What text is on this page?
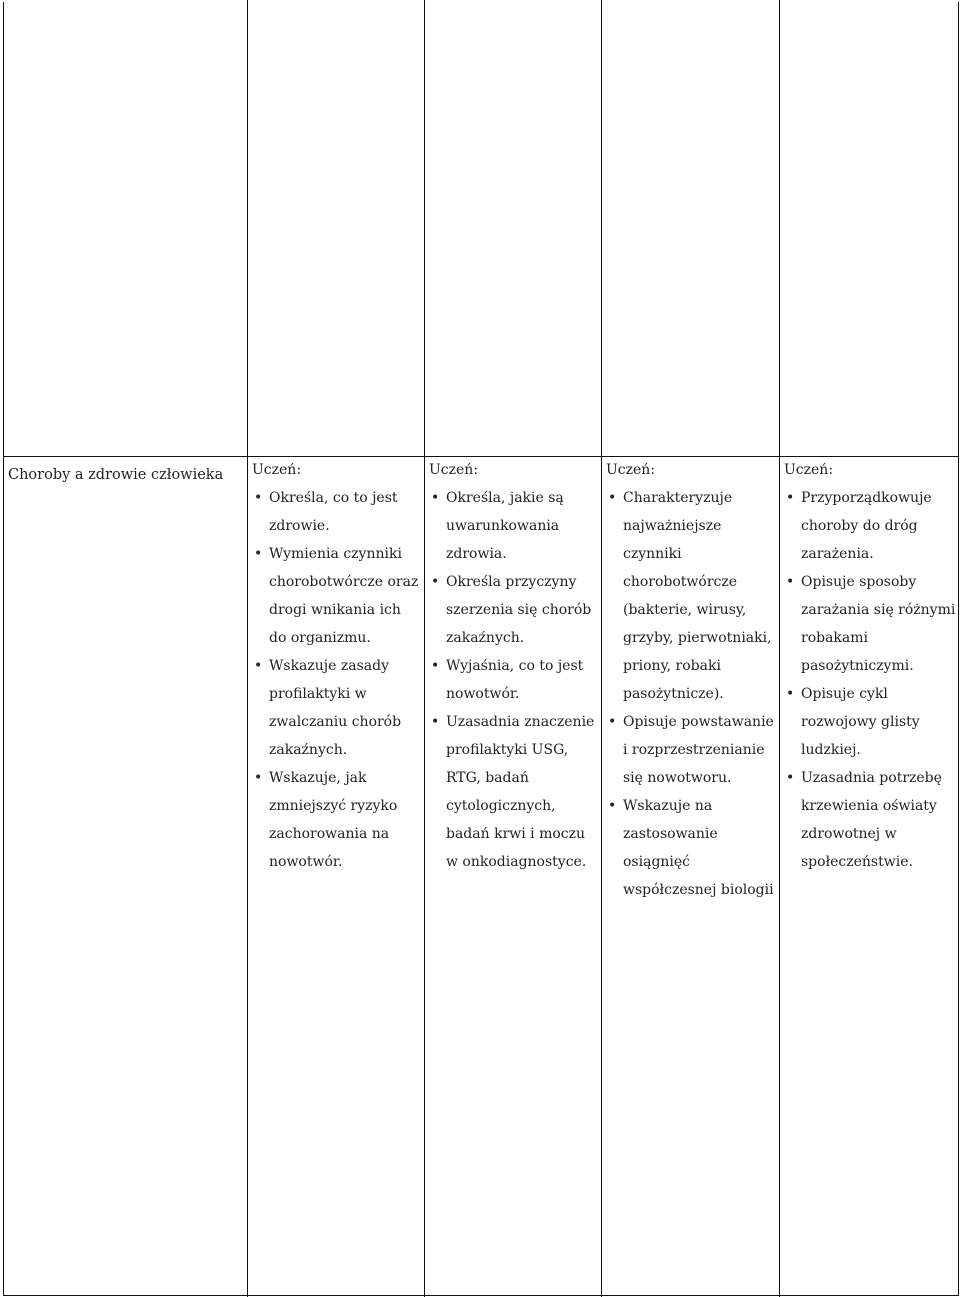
Choroby a zdrowie człowieka	Uczeń:
• Określa, co to jest zdrowie.
• Wymienia czynniki chorobotwórcze oraz drogi wnikania ich do organizmu.
• Wskazuje zasady profilaktyki w zwalczaniu chorób zakaźnych.
• Wskazuje, jak zmniejszyć ryzyko zachorowania na nowotwór.
Uczeń:
• Określa, jakie są uwarunkowania zdrowia.
• Określa przyczyny szerzenia się chorób zakaźnych.
• Wyjaśnia, co to jest nowotwór.
• Uzasadnia znaczenie profilaktyki USG, RTG, badań cytologicznych, badań krwi i moczu w onkodiagnostyce.
Uczeń:
• Charakteryzuje najważniejsze czynniki chorobotwórcze (bakterie, wirusy, grzyby, pierwotniaki, priony, robaki pasożytnicze).
• Opisuje powstawanie i rozprzestrzenianie się nowotworu.
• Wskazuje na zastosowanie osiągnięć współczesnej biologii
Uczeń:
• Przyporządkowuje choroby do dróg zarażenia.
• Opisuje sposoby zarażania się różnymi robakami pasożytniczymi.
• Opisuje cykl rozwojowy glisty ludzkiej.
• Uzasadnia potrzebę krzewienia oświaty zdrowotnej w społeczeństwie.
